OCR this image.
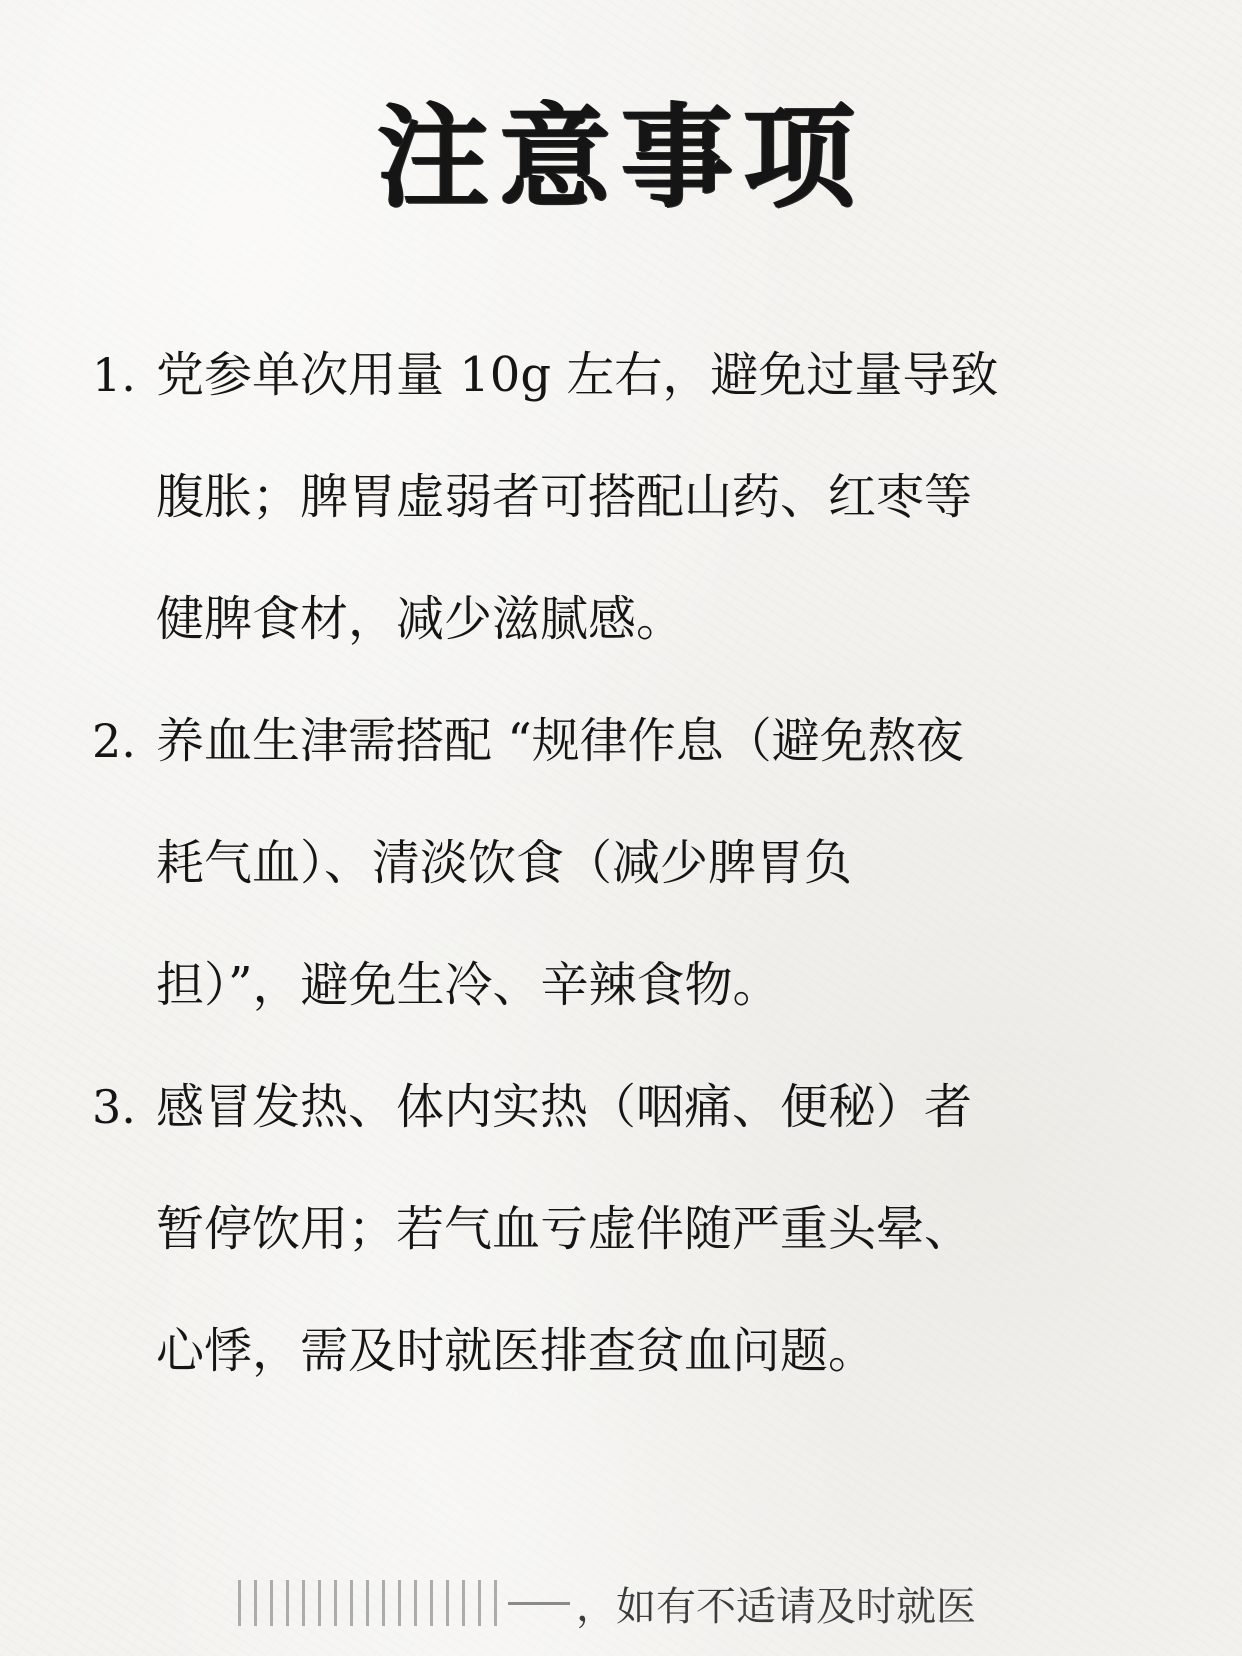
注意事项
1. 党参单次用量 10g 左右，避免过量导致
腹胀；脾胃虚弱者可搭配山药、红枣等
健脾食材，减少滋腻感。
2. 养血生津需搭配 “规律作息（避免熬夜
耗气血）、清淡饮食（减少脾胃负
担）”，避免生冷、辛辣食物。
3. 感冒发热、体内实热（咽痛、便秘）者
暂停饮用；若气血亏虚伴随严重头晕、
心悸，需及时就医排查贫血问题。
，如有不适请及时就医
